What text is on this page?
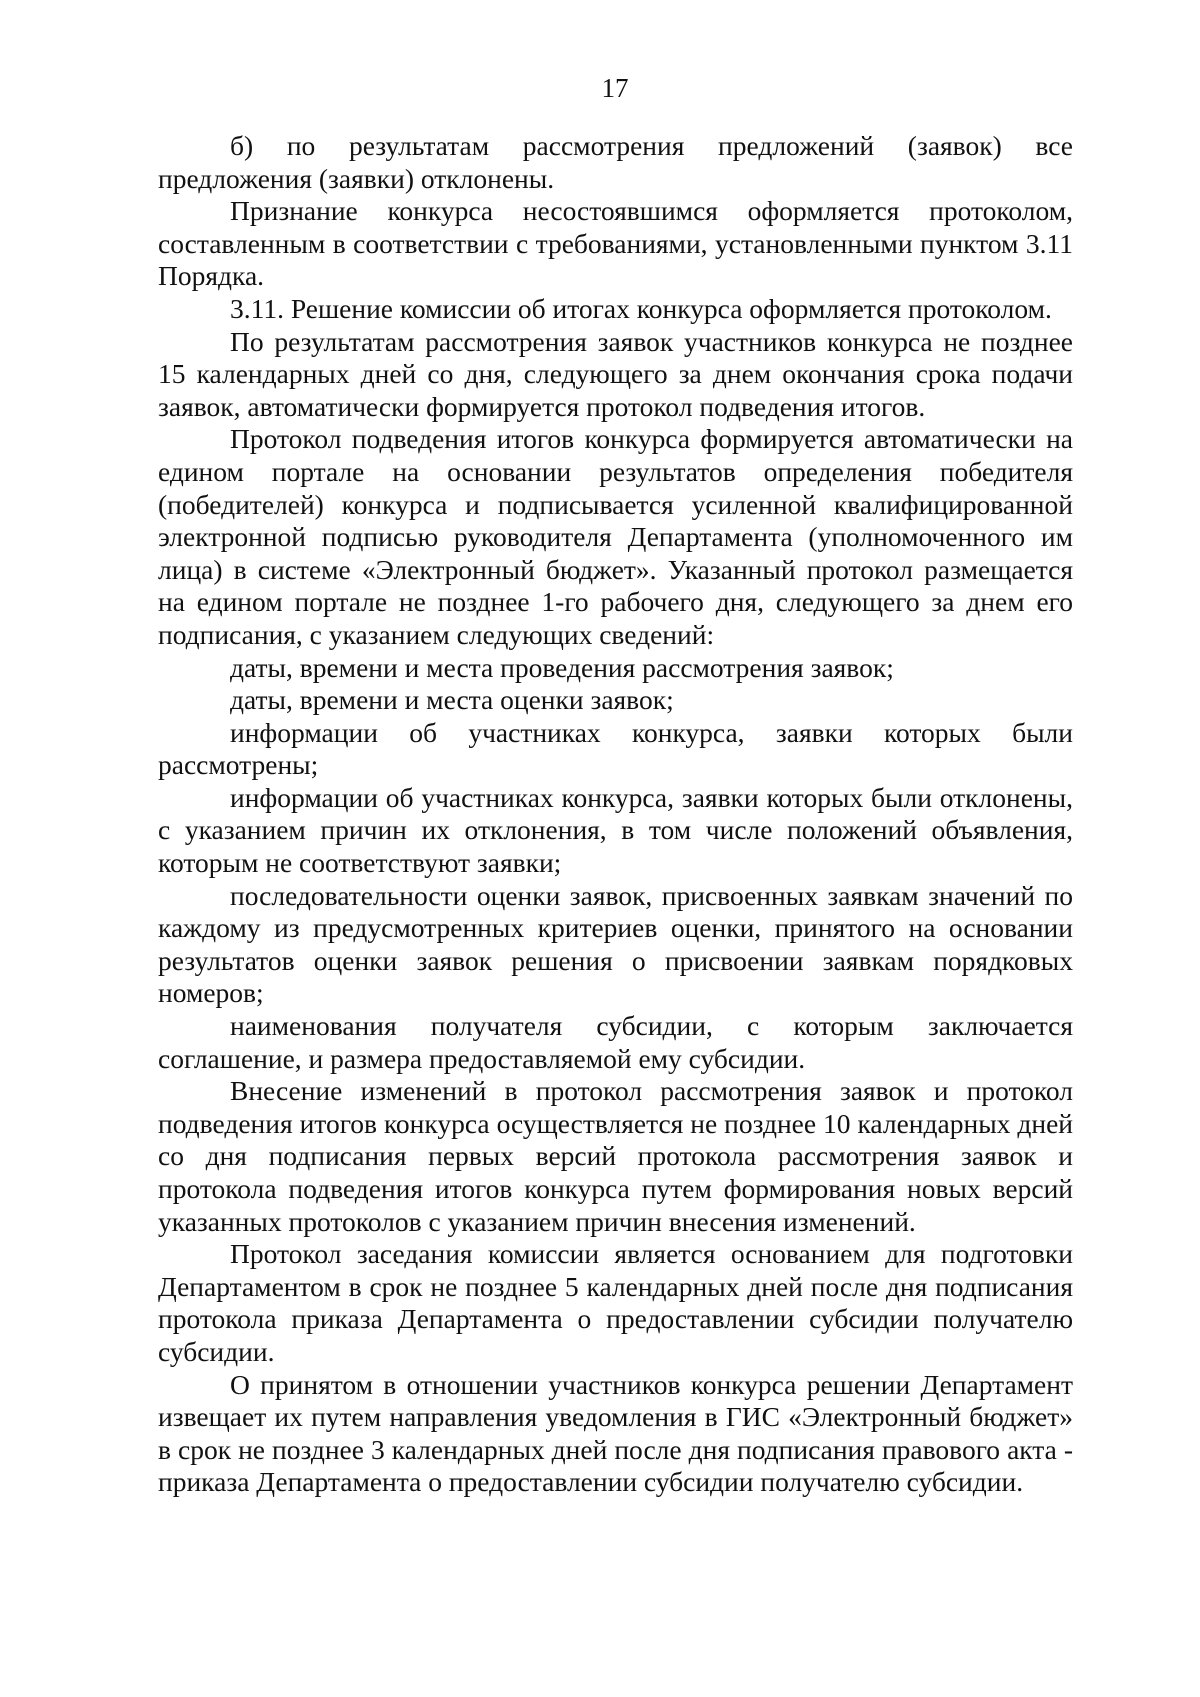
17

б) по результатам рассмотрения предложений (заявок) все предложения (заявки) отклонены.

Признание конкурса несостоявшимся оформляется протоколом, составленным в соответствии с требованиями, установленными пунктом 3.11 Порядка.

3.11. Решение комиссии об итогах конкурса оформляется протоколом.

По результатам рассмотрения заявок участников конкурса не позднее 15 календарных дней со дня, следующего за днем окончания срока подачи заявок, автоматически формируется протокол подведения итогов.

Протокол подведения итогов конкурса формируется автоматически на едином портале на основании результатов определения победителя (победителей) конкурса и подписывается усиленной квалифицированной электронной подписью руководителя Департамента (уполномоченного им лица) в системе «Электронный бюджет». Указанный протокол размещается на едином портале не позднее 1-го рабочего дня, следующего за днем его подписания, с указанием следующих сведений:

даты, времени и места проведения рассмотрения заявок;

даты, времени и места оценки заявок;

информации об участниках конкурса, заявки которых были рассмотрены;

информации об участниках конкурса, заявки которых были отклонены, с указанием причин их отклонения, в том числе положений объявления, которым не соответствуют заявки;

последовательности оценки заявок, присвоенных заявкам значений по каждому из предусмотренных критериев оценки, принятого на основании результатов оценки заявок решения о присвоении заявкам порядковых номеров;

наименования получателя субсидии, с которым заключается соглашение, и размера предоставляемой ему субсидии.

Внесение изменений в протокол рассмотрения заявок и протокол подведения итогов конкурса осуществляется не позднее 10 календарных дней со дня подписания первых версий протокола рассмотрения заявок и протокола подведения итогов конкурса путем формирования новых версий указанных протоколов с указанием причин внесения изменений.

Протокол заседания комиссии является основанием для подготовки Департаментом в срок не позднее 5 календарных дней после дня подписания протокола приказа Департамента о предоставлении субсидии получателю субсидии.

О принятом в отношении участников конкурса решении Департамент извещает их путем направления уведомления в ГИС «Электронный бюджет» в срок не позднее 3 календарных дней после дня подписания правового акта - приказа Департамента о предоставлении субсидии получателю субсидии.
